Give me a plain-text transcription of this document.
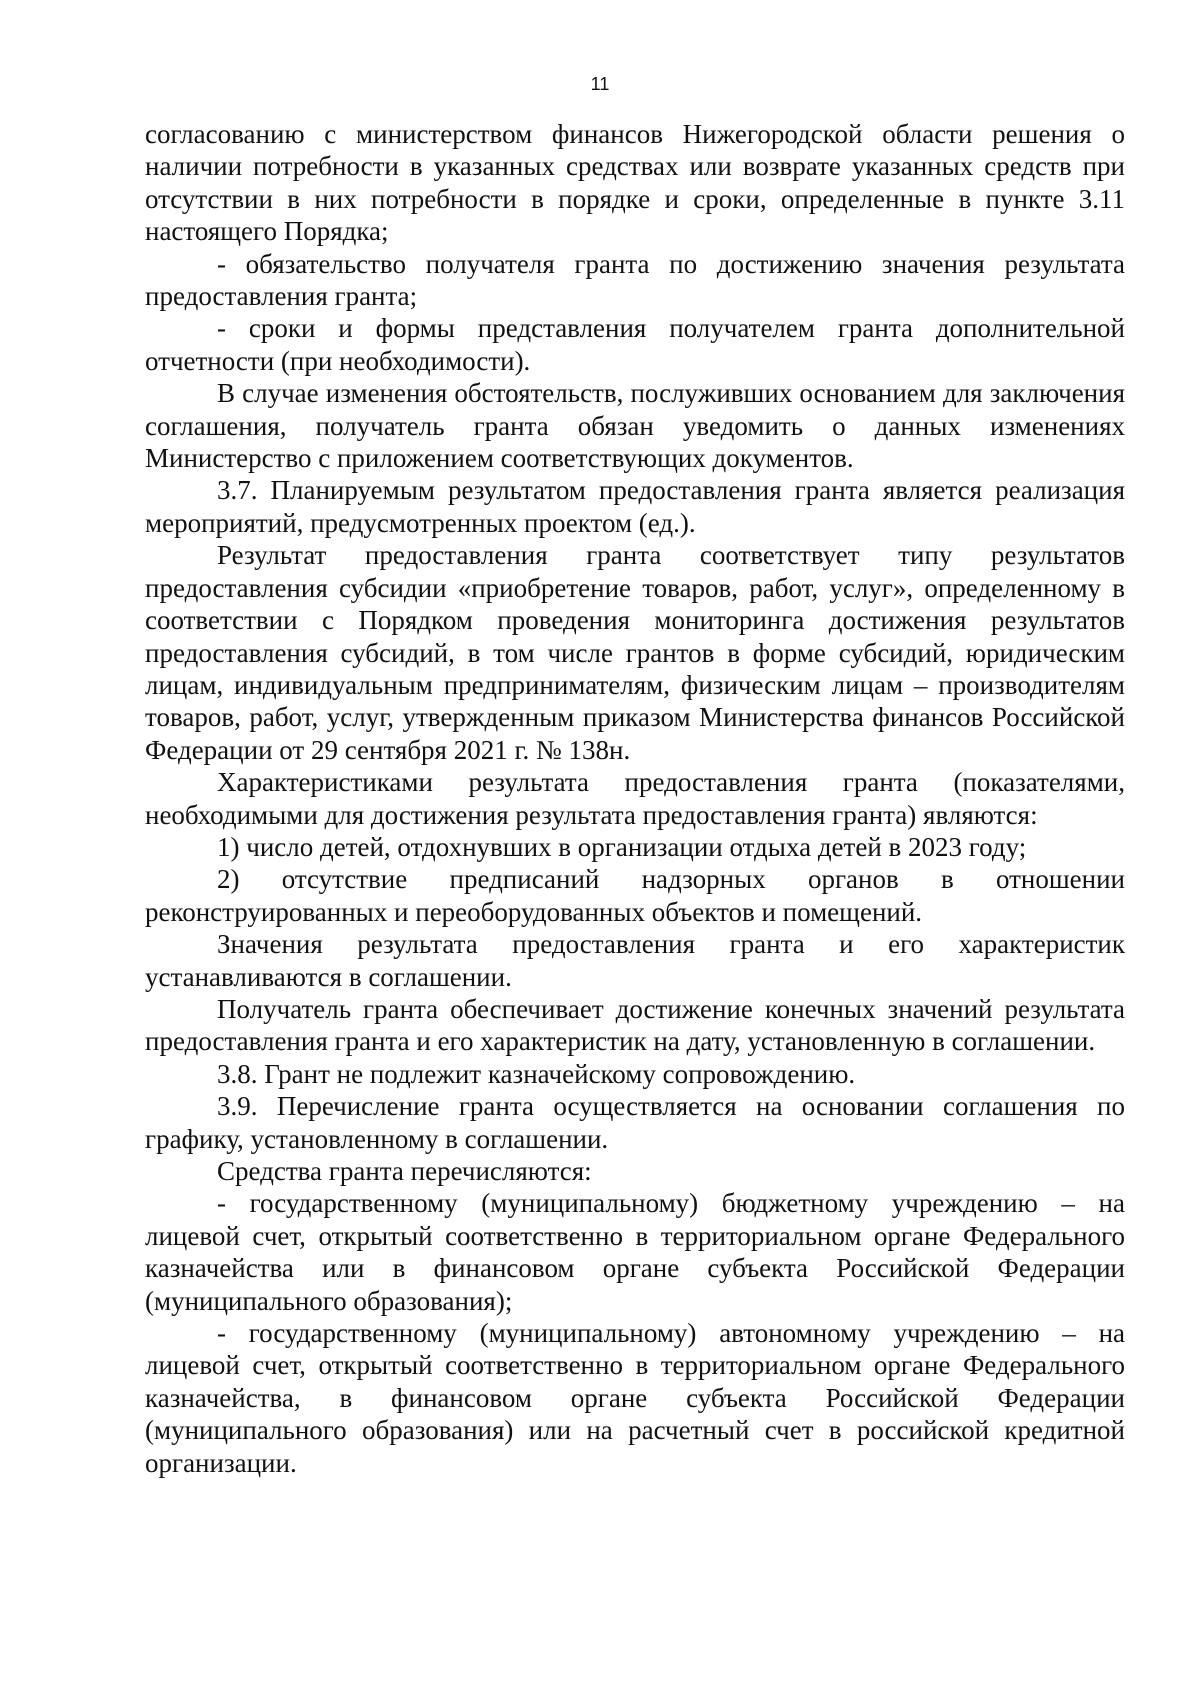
11

согласованию с министерством финансов Нижегородской области решения о наличии потребности в указанных средствах или возврате указанных средств при отсутствии в них потребности в порядке и сроки, определенные в пункте 3.11 настоящего Порядка;

- обязательство получателя гранта по достижению значения результата предоставления гранта;

- сроки и формы представления получателем гранта дополнительной отчетности (при необходимости).

В случае изменения обстоятельств, послуживших основанием для заключения соглашения, получатель гранта обязан уведомить о данных изменениях Министерство с приложением соответствующих документов.

3.7. Планируемым результатом предоставления гранта является реализация мероприятий, предусмотренных проектом (ед.).

Результат предоставления гранта соответствует типу результатов предоставления субсидии «приобретение товаров, работ, услуг», определенному в соответствии с Порядком проведения мониторинга достижения результатов предоставления субсидий, в том числе грантов в форме субсидий, юридическим лицам, индивидуальным предпринимателям, физическим лицам – производителям товаров, работ, услуг, утвержденным приказом Министерства финансов Российской Федерации от 29 сентября 2021 г. № 138н.

Характеристиками результата предоставления гранта (показателями, необходимыми для достижения результата предоставления гранта) являются:

1) число детей, отдохнувших в организации отдыха детей в 2023 году;

2) отсутствие предписаний надзорных органов в отношении реконструированных и переоборудованных объектов и помещений.

Значения результата предоставления гранта и его характеристик устанавливаются в соглашении.

Получатель гранта обеспечивает достижение конечных значений результата предоставления гранта и его характеристик на дату, установленную в соглашении.

3.8. Грант не подлежит казначейскому сопровождению.

3.9. Перечисление гранта осуществляется на основании соглашения по графику, установленному в соглашении.

Средства гранта перечисляются:

- государственному (муниципальному) бюджетному учреждению – на лицевой счет, открытый соответственно в территориальном органе Федерального казначейства или в финансовом органе субъекта Российской Федерации (муниципального образования);

- государственному (муниципальному) автономному учреждению – на лицевой счет, открытый соответственно в территориальном органе Федерального казначейства, в финансовом органе субъекта Российской Федерации (муниципального образования) или на расчетный счет в российской кредитной организации.
